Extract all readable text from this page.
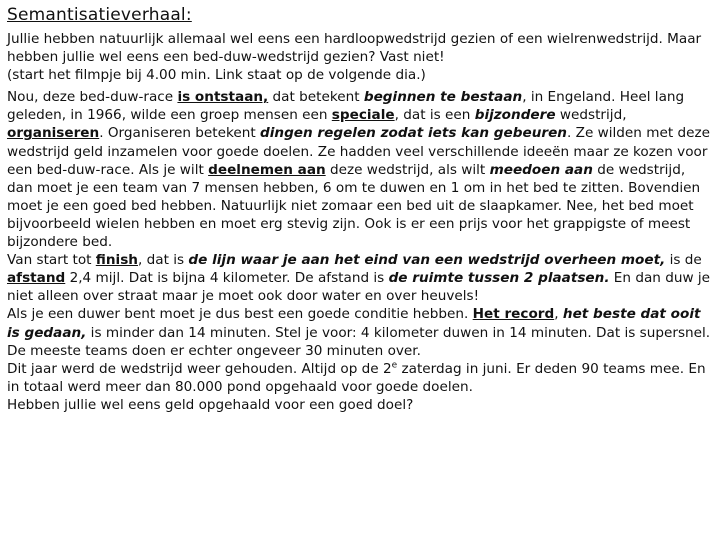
Semantisatieverhaal:

Jullie hebben natuurlijk allemaal wel eens een hardloopwedstrijd gezien of een wielrenwedstrijd. Maar hebben jullie wel eens een bed-duw-wedstrijd gezien? Vast niet!

(start het filmpje bij 4.00 min. Link staat op de volgende dia.)

Nou, deze bed-duw-race is ontstaan, dat betekent beginnen te bestaan, in Engeland. Heel lang geleden, in 1966, wilde een groep mensen een speciale, dat is een bijzondere wedstrijd, organiseren. Organiseren betekent dingen regelen zodat iets kan gebeuren. Ze wilden met deze wedstrijd geld inzamelen voor goede doelen. Ze hadden veel verschillende ideeën maar ze kozen voor een bed-duw-race. Als je wilt deelnemen aan deze wedstrijd, als wilt meedoen aan de wedstrijd, dan moet je een team van 7 mensen hebben, 6 om te duwen en 1 om in het bed te zitten. Bovendien moet je een goed bed hebben. Natuurlijk niet zomaar een bed uit de slaapkamer. Nee, het bed moet bijvoorbeeld wielen hebben en moet erg stevig zijn. Ook is er een prijs voor het grappigste of meest bijzondere bed.

Van start tot finish, dat is de lijn waar je aan het eind van een wedstrijd overheen moet, is de afstand 2,4 mijl. Dat is bijna 4 kilometer. De afstand is de ruimte tussen 2 plaatsen. En dan duw je niet alleen over straat maar je moet ook door water en over heuvels!

Als je een duwer bent moet je dus best een goede conditie hebben. Het record, het beste dat ooit is gedaan, is minder dan 14 minuten. Stel je voor: 4 kilometer duwen in 14 minuten. Dat is supersnel. De meeste teams doen er echter ongeveer 30 minuten over.

Dit jaar werd de wedstrijd weer gehouden. Altijd op de 2e zaterdag in juni. Er deden 90 teams mee. En in totaal werd meer dan 80.000 pond opgehaald voor goede doelen.

Hebben jullie wel eens geld opgehaald voor een goed doel?
